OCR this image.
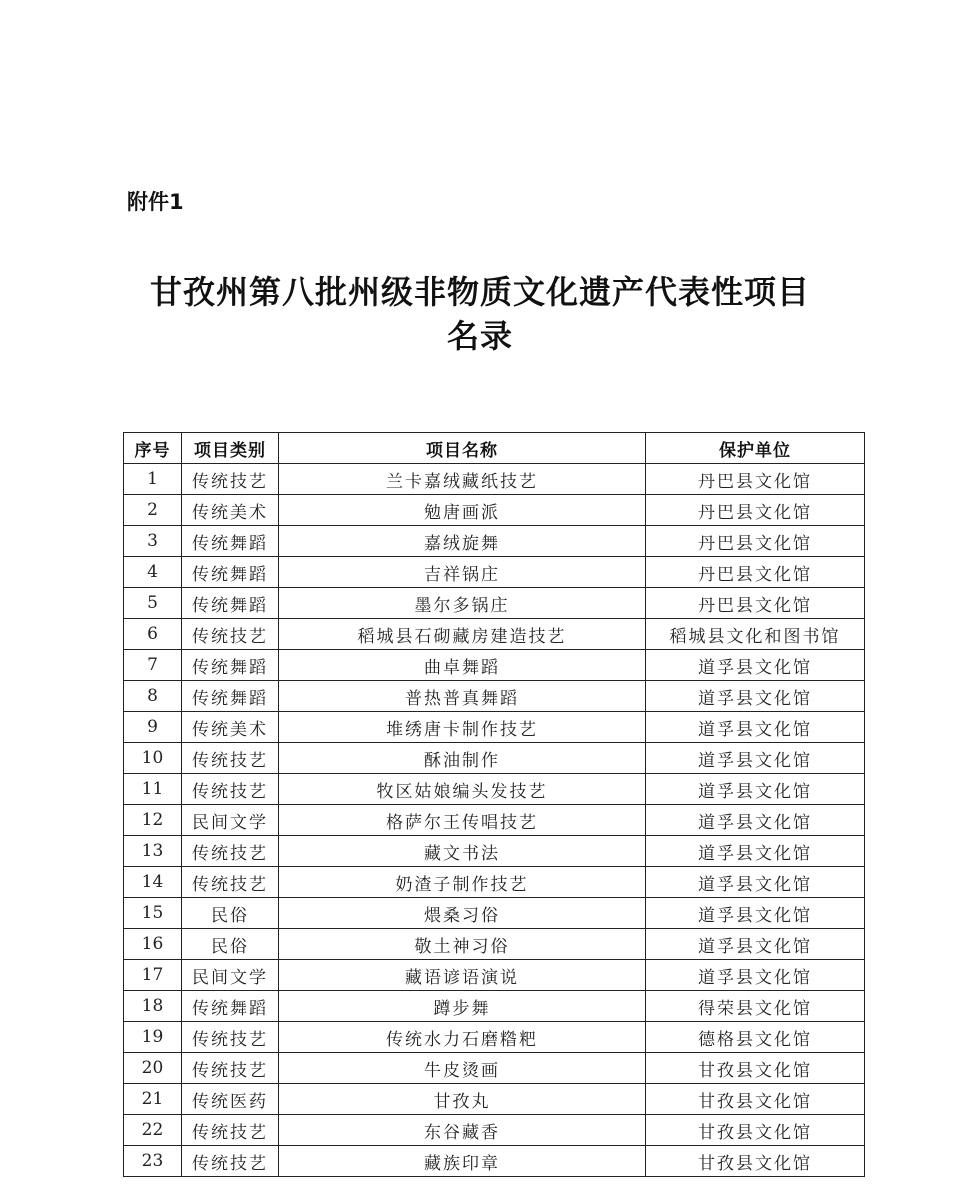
附件1
甘孜州第八批州级非物质文化遗产代表性项目
名录
序号	项目类别	项目名称	保护单位
1	传统技艺	兰卡嘉绒藏纸技艺	丹巴县文化馆
2	传统美术	勉唐画派	丹巴县文化馆
3	传统舞蹈	嘉绒旋舞	丹巴县文化馆
4	传统舞蹈	吉祥锅庄	丹巴县文化馆
5	传统舞蹈	墨尔多锅庄	丹巴县文化馆
6	传统技艺	稻城县石砌藏房建造技艺	稻城县文化和图书馆
7	传统舞蹈	曲卓舞蹈	道孚县文化馆
8	传统舞蹈	普热普真舞蹈	道孚县文化馆
9	传统美术	堆绣唐卡制作技艺	道孚县文化馆
10	传统技艺	酥油制作	道孚县文化馆
11	传统技艺	牧区姑娘编头发技艺	道孚县文化馆
12	民间文学	格萨尔王传唱技艺	道孚县文化馆
13	传统技艺	藏文书法	道孚县文化馆
14	传统技艺	奶渣子制作技艺	道孚县文化馆
15	民俗	煨桑习俗	道孚县文化馆
16	民俗	敬土神习俗	道孚县文化馆
17	民间文学	藏语谚语演说	道孚县文化馆
18	传统舞蹈	蹲步舞	得荣县文化馆
19	传统技艺	传统水力石磨糌粑	德格县文化馆
20	传统技艺	牛皮烫画	甘孜县文化馆
21	传统医药	甘孜丸	甘孜县文化馆
22	传统技艺	东谷藏香	甘孜县文化馆
23	传统技艺	藏族印章	甘孜县文化馆
